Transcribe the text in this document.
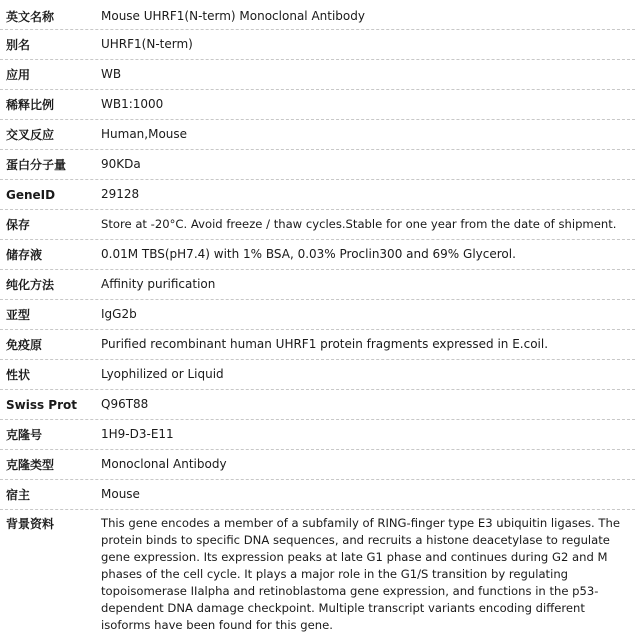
英文名称	Mouse UHRF1(N-term) Monoclonal Antibody
别名	UHRF1(N-term)
应用	WB
稀释比例	WB1:1000
交叉反应	Human,Mouse
蛋白分子量	90KDa
GeneID	29128
保存	Store at -20°C. Avoid freeze / thaw cycles.Stable for one year from the date of shipment.
储存液	0.01M TBS(pH7.4) with 1% BSA, 0.03% Proclin300 and 69% Glycerol.
纯化方法	Affinity purification
亚型	IgG2b
免疫原	Purified recombinant human UHRF1 protein fragments expressed in E.coil.
性状	Lyophilized or Liquid
Swiss Prot	Q96T88
克隆号	1H9-D3-E11
克隆类型	Monoclonal Antibody
宿主	Mouse
背景资料	This gene encodes a member of a subfamily of RING-finger type E3 ubiquitin ligases. The protein binds to specific DNA sequences, and recruits a histone deacetylase to regulate gene expression. Its expression peaks at late G1 phase and continues during G2 and M phases of the cell cycle. It plays a major role in the G1/S transition by regulating topoisomerase IIalpha and retinoblastoma gene expression, and functions in the p53-dependent DNA damage checkpoint. Multiple transcript variants encoding different isoforms have been found for this gene.
